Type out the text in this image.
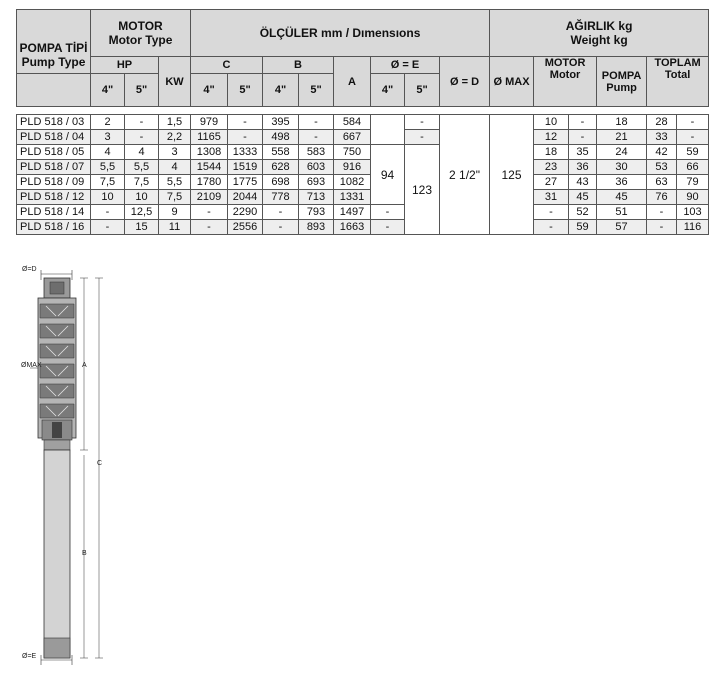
POMPA TİPİ
Pump Type	MOTOR
Motor Type			ÖLÇÜLER mm / Dımensıons								AĞIRLIK kg
Weight kg			
	HP		KW	C		B		A	Ø = E		Ø = D	Ø MAX	MOTOR
Motor	POMPA
Pump	TOPLAM
Total
	4"	5"		4"	5"	4"	5"		4"	5"					
PLD 518 / 03	2	-	1,5	979	-	395	-	584		-	2 1/2"	125	10	-	18	28	-
PLD 518 / 04	3	-	2,2	1165	-	498	-	667		-			12	-	21	33	-
PLD 518 / 05	4	4	3	1308	1333	558	583	750	94	123			18	35	24	42	59
PLD 518 / 07	5,5	5,5	4	1544	1519	628	603	916					23	36	30	53	66
PLD 518 / 09	7,5	7,5	5,5	1780	1775	698	693	1082					27	43	36	63	79
PLD 518 / 12	10	10	7,5	2109	2044	778	713	1331					31	45	45	76	90
PLD 518 / 14	-	12,5	9	-	2290	-	793	1497	-				-	52	51	-	103
PLD 518 / 16	-	15	11	-	2556	-	893	1663	-				-	59	57	-	116
Ø=D
ØMAX	A
C
B
Ø=E
